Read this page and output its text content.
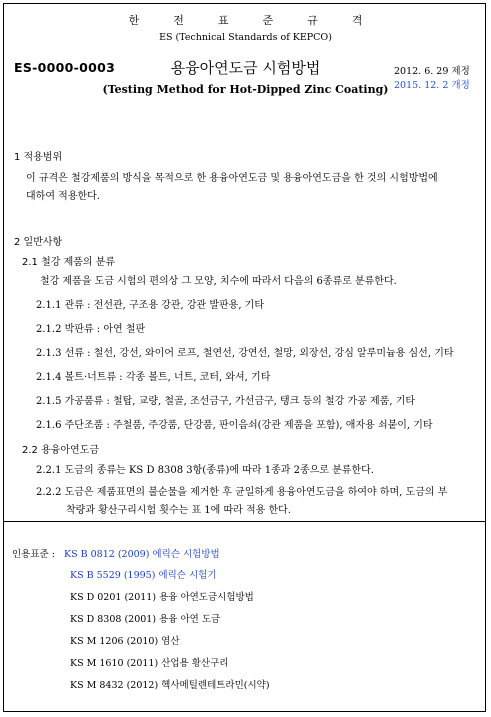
한	전	표	준	규	격
ES (Technical Standards of KEPCO)
ES-0000-0003	용융아연도금 시험방법
(Testing Method for Hot-Dipped Zinc Coating)
2012. 6. 29 제정
2015. 12. 2 개정
1 적용범위
이 규격은 철강제품의 방식을 목적으로 한 용융아연도금 및 용융아연도금을 한 것의 시험방법에
대하여 적용한다.
2 일반사항
2.1 철강 제품의 분류
철강 제품을 도금 시험의 편의상 그 모양, 치수에 따라서 다음의 6종류로 분류한다.
2.1.1 관류 : 전선관, 구조용 강관, 강관 발판용, 기타
2.1.2 박판류 : 아연 철판
2.1.3 선류 : 철선, 강선, 와이어 로프, 철연선, 강연선, 철망, 외장선, 강심 알루미늄용 심선, 기타
2.1.4 볼트·너트류 : 각종 볼트, 너트, 코터, 와셔, 기타
2.1.5 가공품류 : 철탑, 교량, 철골, 조선금구, 가선금구, 탱크 등의 철강 가공 제품, 기타
2.1.6 주단조품 : 주철품, 주강품, 단강품, 판이음쇠(강관 제품을 포함), 애자용 쇠붙이, 기타
2.2 용융아연도금
2.2.1 도금의 종류는 KS D 8308 3항(종류)에 따라 1종과 2종으로 분류한다.
2.2.2 도금은 제품표면의 불순물을 제거한 후 균일하게 용융아연도금을 하여야 하며, 도금의 부
착량과 황산구리시험 횟수는 표 1에 따라 적용 한다.
인용표준 : KS B 0812 (2009) 에릭슨 시험방법
KS B 5529 (1995) 에릭슨 시험기
KS D 0201 (2011) 용융 아연도금시험방법
KS D 8308 (2001) 용융 아연 도금
KS M 1206 (2010) 염산
KS M 1610 (2011) 산업용 황산구리
KS M 8432 (2012) 헥사메틸렌테트라민(시약)
